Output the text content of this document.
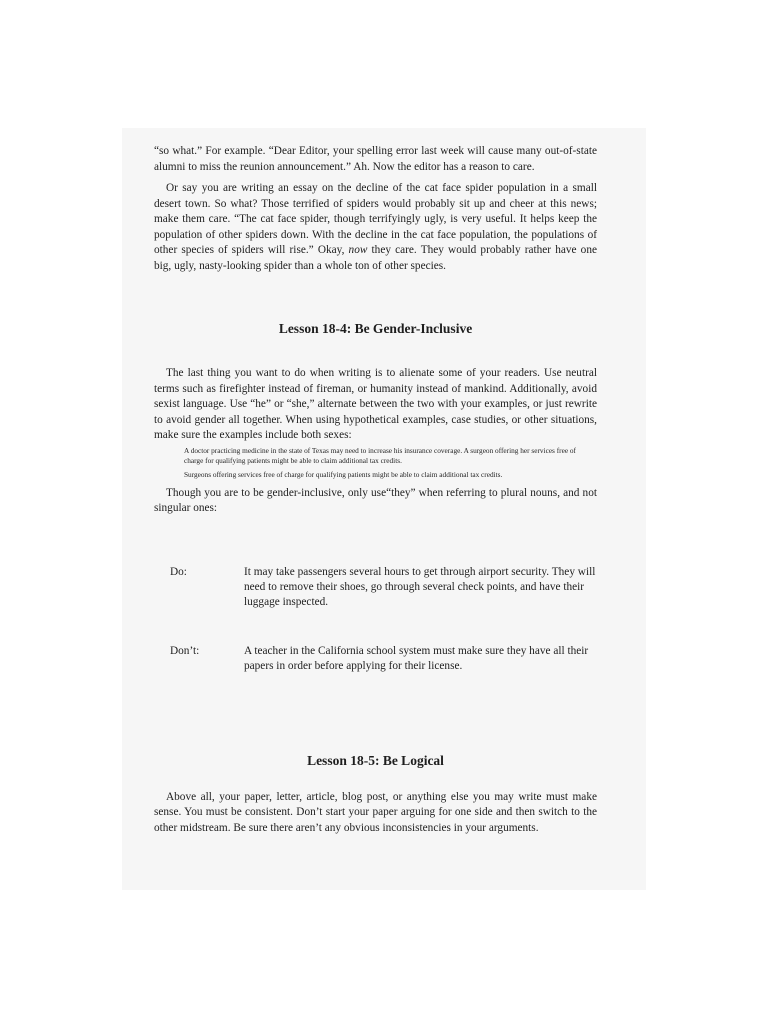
“so what.” For example. “Dear Editor, your spelling error last week will cause many out-of-state alumni to miss the reunion announcement.” Ah. Now the editor has a reason to care.

Or say you are writing an essay on the decline of the cat face spider population in a small desert town. So what? Those terrified of spiders would probably sit up and cheer at this news; make them care. “The cat face spider, though terrifyingly ugly, is very useful. It helps keep the population of other spiders down. With the decline in the cat face population, the populations of other species of spiders will rise.” Okay, now they care. They would probably rather have one big, ugly, nasty-looking spider than a whole ton of other species.

Lesson 18-4: Be Gender-Inclusive

The last thing you want to do when writing is to alienate some of your readers. Use neutral terms such as firefighter instead of fireman, or humanity instead of mankind. Additionally, avoid sexist language. Use “he” or “she,” alternate between the two with your examples, or just rewrite to avoid gender all together. When using hypothetical examples, case studies, or other situations, make sure the examples include both sexes:

A doctor practicing medicine in the state of Texas may need to increase his insurance coverage. A surgeon offering her services free of charge for qualifying patients might be able to claim additional tax credits.

Surgeons offering services free of charge for qualifying patients might be able to claim additional tax credits.

Though you are to be gender-inclusive, only use“they” when referring to plural nouns, and not singular ones:

Do:	It may take passengers several hours to get through airport security. They will need to remove their shoes, go through several check points, and have their luggage inspected.
Don’t:	A teacher in the California school system must make sure they have all their papers in order before applying for their license.
Lesson 18-5: Be Logical

Above all, your paper, letter, article, blog post, or anything else you may write must make sense. You must be consistent. Don’t start your paper arguing for one side and then switch to the other midstream. Be sure there aren’t any obvious inconsistencies in your arguments.
